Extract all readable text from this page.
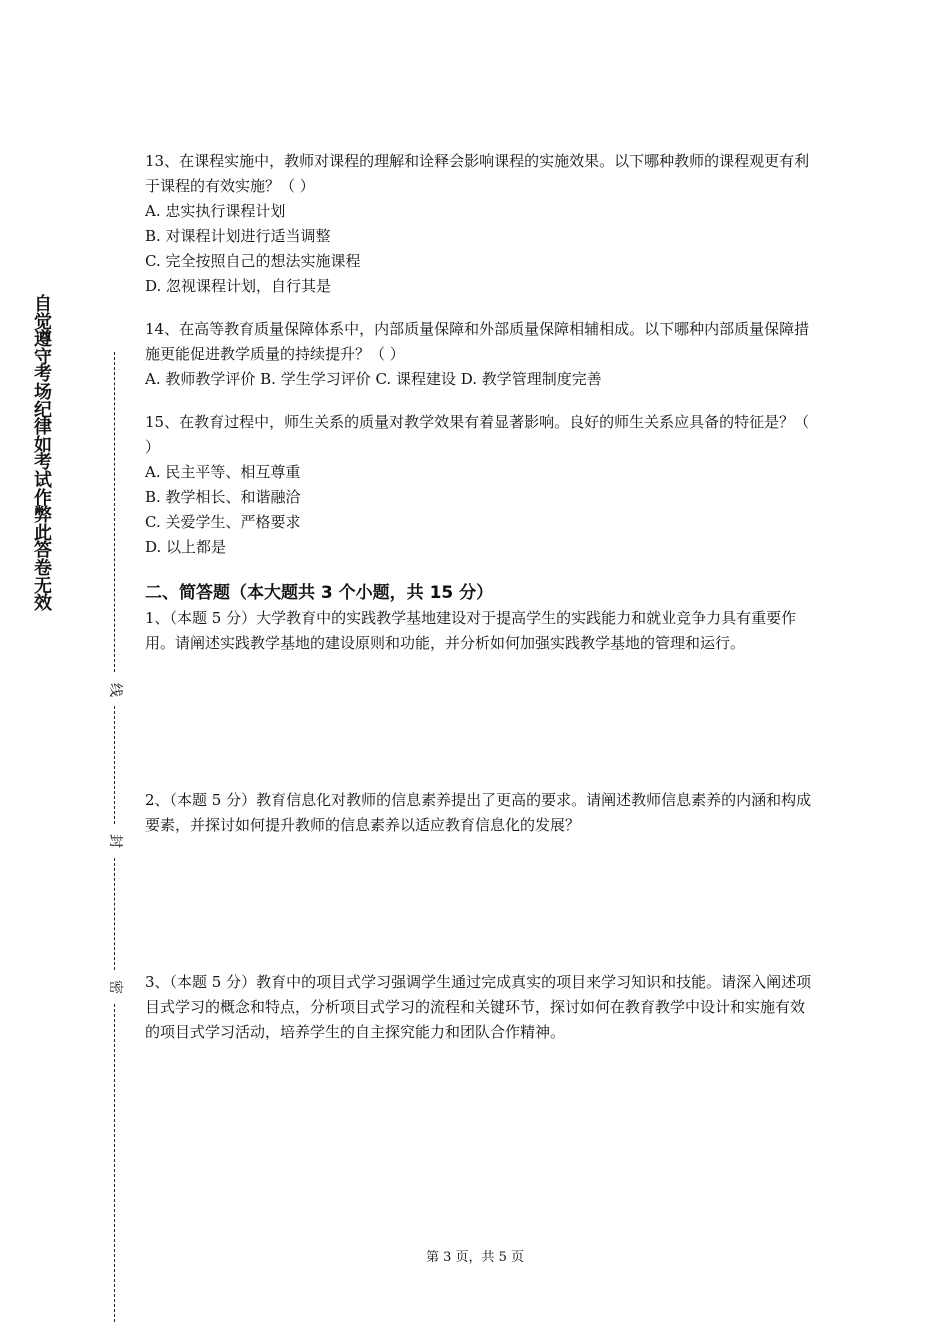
自觉遵守考场纪律如考试作弊此答卷无效
线
封
密

13、在课程实施中，教师对课程的理解和诠释会影响课程的实施效果。以下哪种教师的课程观更有利于课程的有效实施？（ ）

A. 忠实执行课程计划

B. 对课程计划进行适当调整

C. 完全按照自己的想法实施课程

D. 忽视课程计划，自行其是

14、在高等教育质量保障体系中，内部质量保障和外部质量保障相辅相成。以下哪种内部质量保障措施更能促进教学质量的持续提升？（ ）

A. 教师教学评价 B. 学生学习评价 C. 课程建设 D. 教学管理制度完善

15、在教育过程中，师生关系的质量对教学效果有着显著影响。良好的师生关系应具备的特征是？（ ）

A. 民主平等、相互尊重

B. 教学相长、和谐融洽

C. 关爱学生、严格要求

D. 以上都是

二、简答题（本大题共 3 个小题，共 15 分）

1、（本题 5 分）大学教育中的实践教学基地建设对于提高学生的实践能力和就业竞争力具有重要作用。请阐述实践教学基地的建设原则和功能，并分析如何加强实践教学基地的管理和运行。

2、（本题 5 分）教育信息化对教师的信息素养提出了更高的要求。请阐述教师信息素养的内涵和构成要素，并探讨如何提升教师的信息素养以适应教育信息化的发展？

3、（本题 5 分）教育中的项目式学习强调学生通过完成真实的项目来学习知识和技能。请深入阐述项目式学习的概念和特点，分析项目式学习的流程和关键环节，探讨如何在教育教学中设计和实施有效的项目式学习活动，培养学生的自主探究能力和团队合作精神。

第 3 页，共 5 页
